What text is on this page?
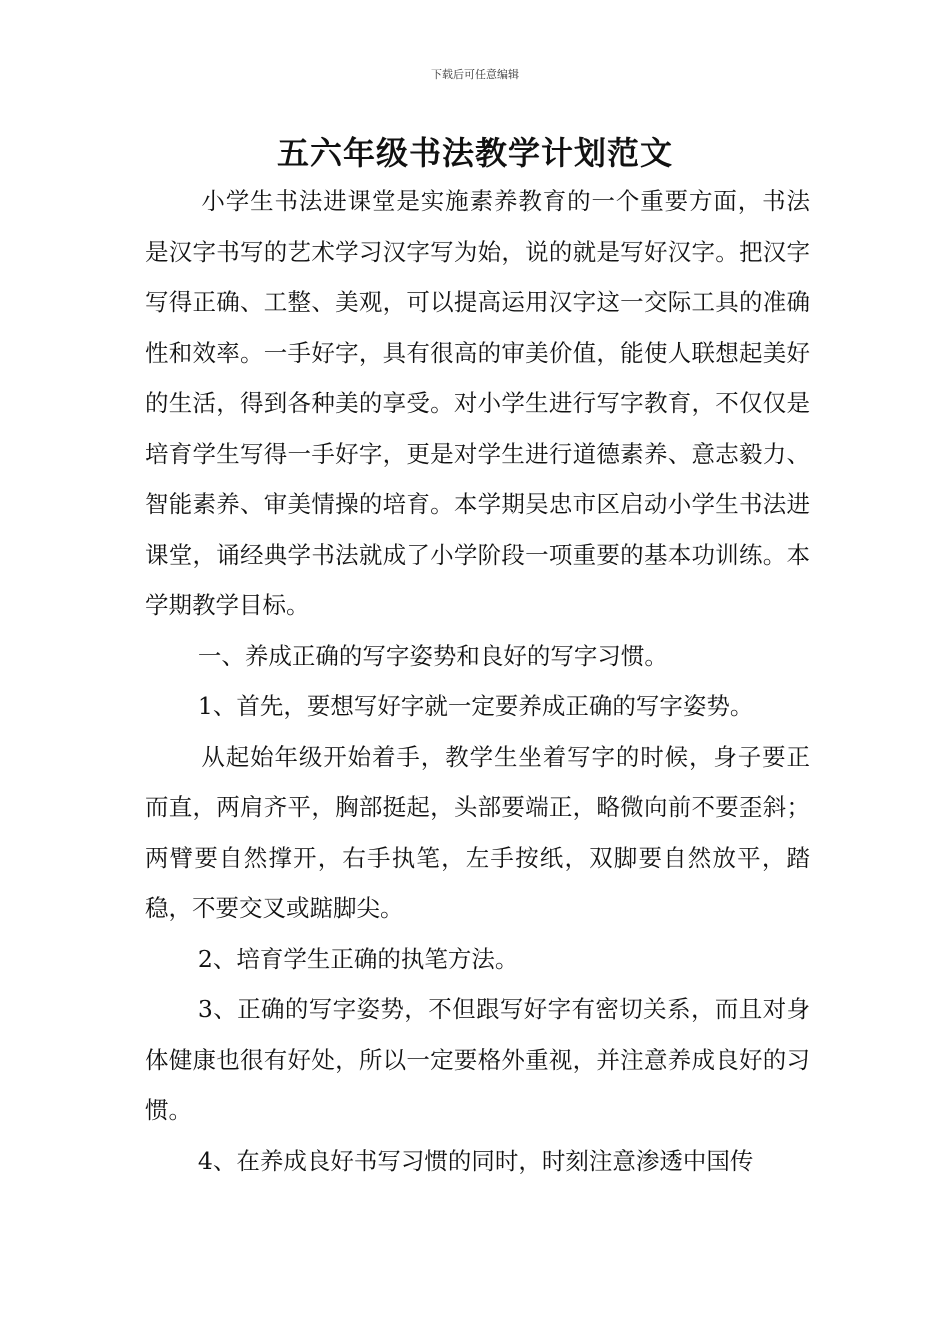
下载后可任意编辑
五六年级书法教学计划范文

小学生书法进课堂是实施素养教育的一个重要方面，书法是汉字书写的艺术学习汉字写为始，说的就是写好汉字。把汉字写得正确、工整、美观，可以提高运用汉字这一交际工具的准确性和效率。一手好字，具有很高的审美价值，能使人联想起美好的生活，得到各种美的享受。对小学生进行写字教育，不仅仅是培育学生写得一手好字，更是对学生进行道德素养、意志毅力、智能素养、审美情操的培育。本学期吴忠市区启动小学生书法进课堂，诵经典学书法就成了小学阶段一项重要的基本功训练。本学期教学目标。

一、养成正确的写字姿势和良好的写字习惯。

1、首先，要想写好字就一定要养成正确的写字姿势。

从起始年级开始着手，教学生坐着写字的时候，身子要正而直，两肩齐平，胸部挺起，头部要端正，略微向前不要歪斜；两臂要自然撑开，右手执笔，左手按纸，双脚要自然放平，踏稳，不要交叉或踮脚尖。

2、培育学生正确的执笔方法。

3、正确的写字姿势，不但跟写好字有密切关系，而且对身体健康也很有好处，所以一定要格外重视，并注意养成良好的习惯。

4、在养成良好书写习惯的同时，时刻注意渗透中国传
